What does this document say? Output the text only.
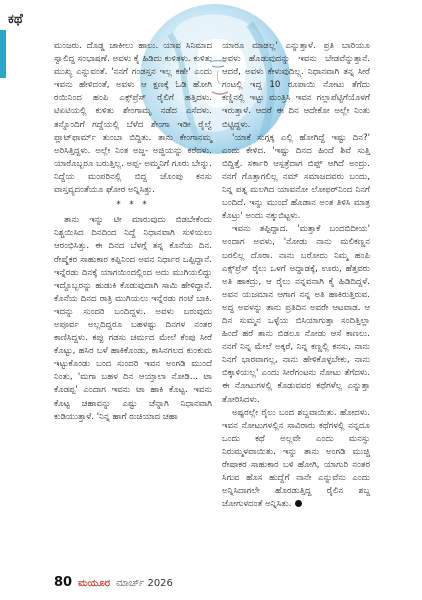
ಕಥೆ

ಮಂಜರು. ದೊಡ್ಡ ಚಾಕೀಲು ಹಾಲು. ಯಾವ ಸಿನಿಮಾದ ಸ್ವಾಲಿದ್ದ ಸಂಭಾಷಣೆ. ಅವಳು ಕೈ ಹಿಡಿದು ಕುಳಿತಳು. ಕುಳಿತು ಮುಖ್ಯ ಎನ್ನುವಂತೆ. 'ನನಗೆ ಗಂಡಸ್ತನ ಇಲ್ಲ ಕಣೇ' ಎಂದು ಇವನು ಹೇಳಿದಂತೆ, ಅವಳು ಆ ಕ್ಷಣಕ್ಕೆ ಓಡಿ ಹೋಗಿ ರಯಿನಿಂದ ಹಂಪಿ ಎಕ್ಸ್‌ಪ್ರೆಸ್ ರೈಲಿಗೆ ಹತ್ತಿದಳು. ಟಿಏಟಿಯಲ್ಲಿ ಕುಳಿತು ಶೇಂಗಾಮೃ ನಡೆದ ಎಸೆದಳು. ತನ್ನೊಂದಿಗೆ ಗದ್ದೆಯಲ್ಲಿ ಬೆಳೆದ ಶೇಂಗಾ ಇಡೀ ರೈಲ್ವೆ ಪ್ಲಾಟ್‌ಫಾರ್ಮ್ ತುಂಬಾ ಬಿದ್ದಿತು. ತಾನು ಕೇಂಗಾನಮ್ಮ ಅರಿಸಿತ್ತಿದ್ದಳು. ಅಲ್ಲೇ ನಿಂತ ಅಜ್ಜ- ಅಜ್ಜಿಯನ್ನು ಕರೆದಳು. ಯಾರೊಬ್ಬರೂ ಬರುತ್ತಿಲ್ಲ. ಅಪ್ಪ- ಅಮ್ಮನಿಗೆ ಗೂರು ಬೇನ್ನು. ನಿದ್ದೆಯ ಮಂಪರಿನಲ್ಲಿ ಬಿದ್ದ ಚೊಂಪು ಕನಸು ವಾಸ್ತವ್ಯದಂತೆಯೂ ಘೋರ ಅನ್ನಿಸಿತ್ತು.

* * *

ತಾನು ಇನ್ನು ಟೀ ಮಾರುವುದು ಬಿಡಬೇಕೆಂದು ನಿಶ್ಚಯಿಸಿದ ದಿನದಿಂದ ನಿದ್ದೆ ನಿಧಾನವಾಗಿ ಸುಳಿಯಲು ಆರಂಭಿಸಿತ್ತು. ಈ ದಿನದ ಬೆಳಗ್ಗೆ ತನ್ನ ಕೊನೆಯ ದಿನ. ರೇಷ್ಮೆಕರ ಸಾಹುಕಾರ ಕಪ್ಪಿನಿಂದ ಅವನ ನಿರ್ಧಾರ ಒಪ್ಪಿದ್ದಾನೆ. ಇನ್ನೆರಡು ದಿನಕ್ಕೆ ಯಾಗಯಿಂದಲ್ಲಿಂದ ಅದು ಮುಗಿಯಲಿದ್ದು ಇದ್ದೊಬ್ಬರನ್ನು ಹುಡುಕಿ ಕೊಡುವುದಾಗಿ ಸಾಮಿ ಹೇಳಿದ್ದಾನೆ. ಕೊನೆಯ ದಿನದ ರಾತ್ರಿ ಮುಗಿಯಲು ಇನ್ನೆರಡು ಗಂಟೆ ಬಾಕಿ. ಇದನ್ನು ಸುಂದರಿ ಬಂದಿದ್ದಳು. ಅವಳು ಬರುವುದು ಅಪೂರ್ವ ಅಲ್ಲದಿದ್ದರೂ ಬಹಳಷ್ಟು ದಿನಗಳ ನಂತರ ಕಾಣಿಸಿದ್ದಳು. ಕಪ್ಪು ಗಡಸು ಚರ್ಮದ ಮೇಲೆ ಕೆಂಪು ಸೀರೆ ಕೊಟ್ಟು, ಹಸಿರ ಬಳೆ ಹಾಕಿಕೊಂಡು, ಕಾಸಿನಗಲದ ಕುಂಕುಮ ಇಟ್ಟುಕೊಂಡು ಬಂದ ಸುಂದರಿ ಇವನ ಅಂಗಡಿ ಮುಂದೆ ನಿಂತು, 'ಮಗಾ ಬಹಳ ದಿನ ಆಯ್ತಾಲಾ ನೋಡಿ... ಟಾ ಕೊಡಪ್ಪ' ಎಂದಾಗ ಇವನು ಟಾ ಹಾಕಿ ಕೊಟ್ಟ. ಇವನು ಕೊಟ್ಟ ಚಹಾವನ್ನು ಎಷ್ಟು ಚೆನ್ನಾಗಿ ನಿಧಾನವಾಗಿ ಕುಡಿಯುತ್ತಾಳೆ. 'ನಿನ್ನ ಹಾಗೆ ರುಚಿಯಾದ ಚಹಾ

ಯಾರೂ ಮಾಡಲ್ಲ' ಎನ್ನುತ್ತಾಳೆ. ಪ್ರತಿ ಬಾರಿಯೂ ಅವಳು ಹೊಡುವುದನ್ನು ಇವನು ಬೇಡವೆನ್ನುತ್ತಾನೆ. ಆದರೆ, ಅವಳು ಕೇಳುವುದಿಲ್ಲ. ನಿಧಾನವಾಗಿ ತನ್ನ ಸೀರೆ ಗಂಟಲ್ಲಿ ಇದ್ದ 10 ರೂಪಾಯಿ ನೋಟು ತೆಗೆದು ಕಣ್ಣಿನಲ್ಲಿ ಇಟ್ಟು ಮಂತ್ರಿಸಿ ಇವನ ಗಲ್ಲಾಪೆಟ್ಟಿಗೆಯೊಳಗೆ ಇರುತ್ತಾಳೆ. ಆದರೆ ಈ ದಿನ ಆದೇಕೋ ಅಲ್ಲೇ ನಿಂತು ಬಿಟ್ಟಿದ್ದಳು.

'ಯಾಕೆ ಸುಗ್ಗಕ್ಕ ಎಲ್ಲಿ ಹೋಗಿದ್ದೆ ಇಷ್ಟು ದಿನ?' ಎಂದು ಕೇಳಿದ. 'ಇಷ್ಟು ದಿನದ ಹಿಂದೆ ಶಿವೆ ಸುತ್ತಿ ಬಿದ್ದಿತ್ತೆ. ಸರ್ಕಾರಿ ಆಸ್ಪತ್ರೆದಾಗ ಬಿಪ್ಪ್ ಆಗಿದೆ ಅಂದ್ರು. ನನಗೆ ಗೊತ್ತಾಗಲಿಲ್ಲ ನಮ್ ಸಮಾಜದವರು ಬಂದು, ನಿನ್ನ ಪತ್ನ ಮಲಗಿದ ಯಾವನೋ ಲೋಫರ್‌ನಿಂದ ನಿನಗೆ ಬಂದಿದೆ. ಇನ್ನು ಮುಂದೆ ಹೊಡಾನ ಅಂತ ತಿಳಿಸಿ ಮಾತ್ರ ಕೊಟ್ರು' ಅಂದು ನಕ್ಕುಬಿಟ್ಟಳು.

ಇವನು ತಪ್ಪಿದ್ದಾದ. 'ಮತ್ತಾಕೆ ಬಂದಬಿದೀಯ' ಅಂದಾಗ ಅವಳು, 'ನೋಡು ನಾನು ಮಲಿಕಣ್ಣನ ಬರಲಿಲ್ಲ ದೊರಾ. ನಾನು ಬರೋದು ನಿಮ್ಮ ಹಂಪಿ ಎಕ್ಸ್‌ಪ್ರೆಸ್ ರೈಲು ಒಳಗೆ ಅದ್ದಾಡಕ್ಕೆ, ಊರು, ಹೆತ್ತವರು ಅತಿ ಹಾಕದ್ರು, ಆ ರೈಲು ನನ್ನವನಾಗಿ ಕೈ ಹಿಡಿದಿದ್ದಳೆ. ಅವನ ಯಜಮಾನ ಆಗಾಗ ನನ್ನ ಅತಿ ಹಾಕಿರುತ್ತಿರುವ. ಅದ್ದ ಅವಳನ್ನು ತಾನು ಪ್ರತಿದಿನ ಅವರೇ ಆಟವಾಡ. ಆ ದಿನ ಸುಮ್ಮನ ಒಳ್ಳೆಯ ಬಿಸಿಯಾಗುತ್ತಾ ಸಂದಿತ್ತಿಲ್ಲಾ ಹಿಂದೆ ಹರೆ ತಾನು ಬಿಡಲೂ ನೋಡು ಆಸೆ ಕಾಣಲು. ನನಗೆ ನಿನ್ನ ಮೇಲೆ ಅಕ್ಕರೆ, ನಿನ್ನ ಕಣ್ಣಲ್ಲಿ ಕನಸು, ನಾನು ನಿನಗೆ ಭಾರವಾಗಲ್ಲ, ನಾನು ಹೇಳಿಕೊಳ್ಳಬೇಕು, ನಾನು ಬಿಕ್ಕಾಳಿಯಲ್ಲ' ಎಂದು ಸೀರೆಗಂಟನು ನೋಟು ತೆಗೆದಳು. ಈ ನೋಟುಗಳಲ್ಲಿ ಕೊಡುವವರ ಕಥೆಗಳೆಲ್ಲ ಎನ್ನುತ್ತಾ ತೋರಿಸಿದಳು.

ಅಷ್ಟರಲ್ಲೇ ರೈಲು ಬಂದ ಶಬ್ದವಾಯಿತು. ಹೋದಳು. ಇವನ ನೋಟುಗಳಲ್ಲಿನ ಸಾವಿರಾರು ಕಥೆಗಳಲ್ಲಿ ನನ್ನದೂ ಒಂದು ಕಥೆ ಅಲ್ಲವೇ ಎಂದು ಮನಸ್ಸು ನಿರುಮ್ಮಳವಾಯಿತು. ಇನ್ನು ತಾನು ಅಂಗಡಿ ಮುಚ್ಚಿ ರೇಷಾಕರ ಸಾಹುಕಾರ ಬಳಿ ಹೋಗಿ, ಯಾಗುರಿ ನಂತರ ಸಿಗುವ ಹೊಸ ಹುದ್ದೆಗೆ ನಾನೇ ಎನ್ನುವೆನು ಎಂದು ಅನ್ನಿಸಿದಾಗಲೇ ಹೊರಡುತ್ತಿದ್ದ ರೈಲಿನ ಶಬ್ದ ಜೋಗುಳದಂತೆ ಅನ್ನಿಸಿತು.

80 ಮಯೂರ ಮಾರ್ಚ್ 2026
